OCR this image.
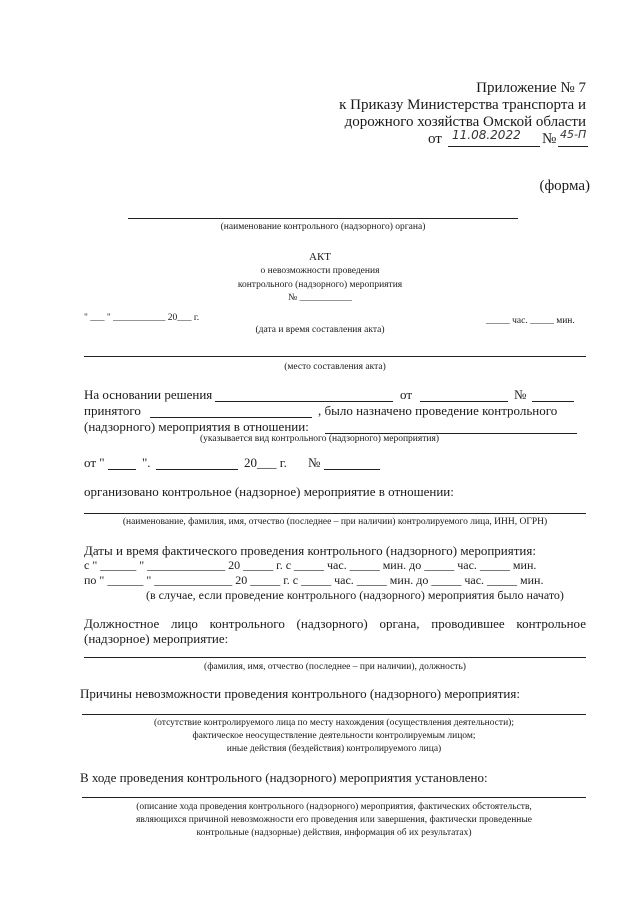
Приложение № 7
к Приказу Министерства транспорта и
дорожного хозяйства Омской области
от 11.08.2022 № 45-П
(форма)
(наименование контрольного (надзорного) органа)
АКТ
о невозможности проведения
контрольного (надзорного) мероприятия
№ ___________
" ___ " ___________ 20___ г.	_____ час. _____ мин.
(дата и время составления акта)
(место составления акта)
На основании решения	от	№
принятого	, было назначено проведение контрольного
(надзорного) мероприятия в отношении:
(указывается вид контрольного (надзорного) мероприятия)
от "	".	20___ г. №
организовано контрольное (надзорное) мероприятие в отношении:
(наименование, фамилия, имя, отчество (последнее – при наличии) контролируемого лица, ИНН, ОГРН)
Даты и время фактического проведения контрольного (надзорного) мероприятия:
с " ______ " _____________ 20 _____ г. с _____ час. _____ мин. до _____ час. _____ мин.
по " ______ " _____________ 20 _____ г. с _____ час. _____ мин. до _____ час. _____ мин.
(в случае, если проведение контрольного (надзорного) мероприятия было начато)
Должностное лицо контрольного (надзорного) органа, проводившее контрольное
(надзорное) мероприятие:
(фамилия, имя, отчество (последнее – при наличии), должность)
Причины невозможности проведения контрольного (надзорного) мероприятия:
(отсутствие контролируемого лица по месту нахождения (осуществления деятельности);
фактическое неосуществление деятельности контролируемым лицом;
иные действия (бездействия) контролируемого лица)
В ходе проведения контрольного (надзорного) мероприятия установлено:
(описание хода проведения контрольного (надзорного) мероприятия, фактических обстоятельств,
являющихся причиной невозможности его проведения или завершения, фактически проведенные
контрольные (надзорные) действия, информация об их результатах)
